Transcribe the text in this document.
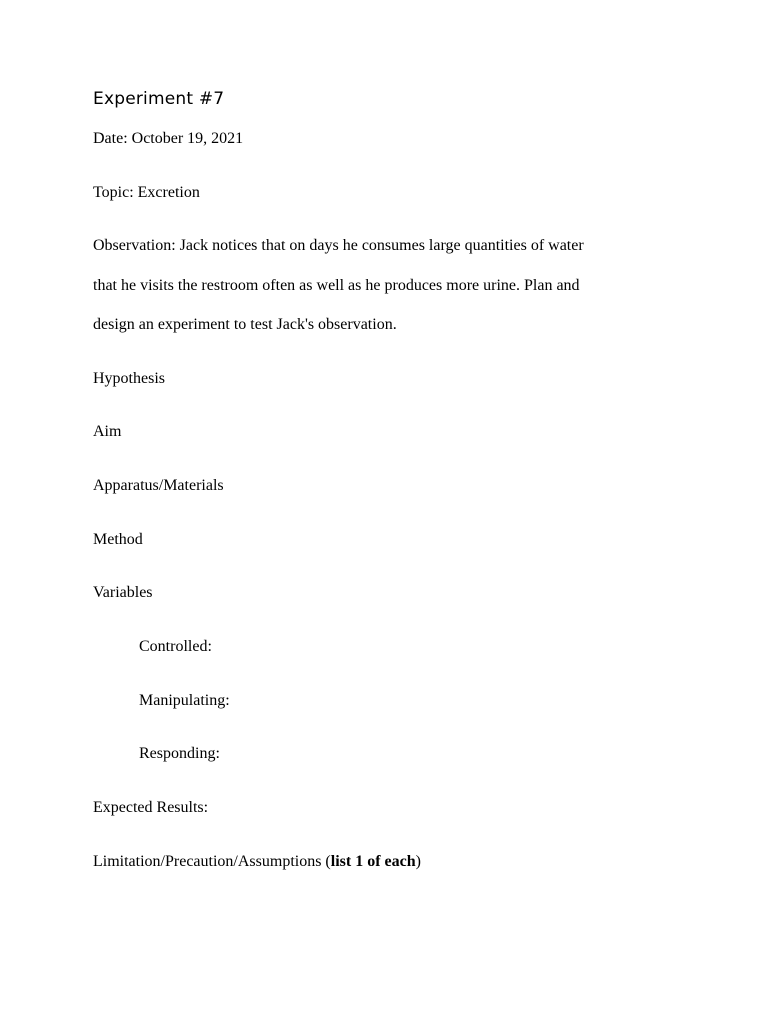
Experiment #7
Date: October 19, 2021
Topic: Excretion
Observation: Jack notices that on days he consumes large quantities of water
that he visits the restroom often as well as he produces more urine. Plan and
design an experiment to test Jack's observation.
Hypothesis
Aim
Apparatus/Materials
Method
Variables
Controlled:
Manipulating:
Responding:
Expected Results:
Limitation/Precaution/Assumptions (list 1 of each)
